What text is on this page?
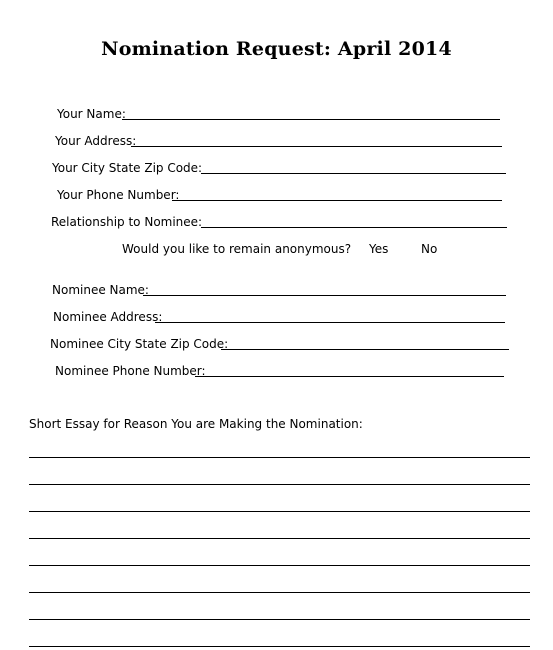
Nomination Request: April 2014
Your Name:
Your Address:
Your City State Zip Code:
Your Phone Number:
Relationship to Nominee:
Would you like to remain anonymous? Yes	No
Nominee Name:
Nominee Address:
Nominee City State Zip Code:
Nominee Phone Number:
Short Essay for Reason You are Making the Nomination:
